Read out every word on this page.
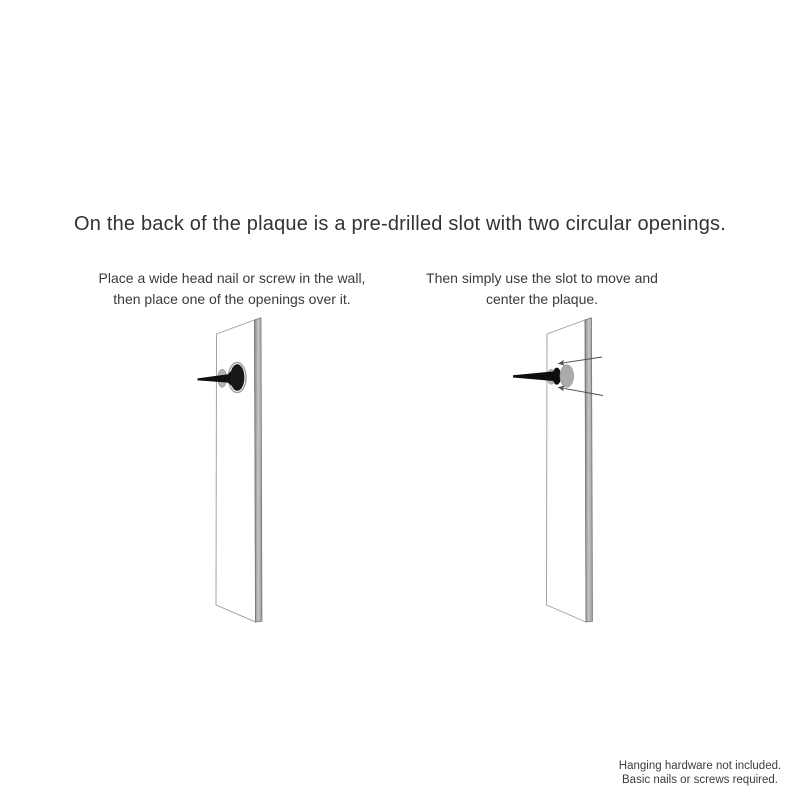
On the back of the plaque is a pre-drilled slot with two circular openings.
Place a wide head nail or screw in the wall,
then place one of the openings over it.
Then simply use the slot to move and
center the plaque.
Hanging hardware not included.
Basic nails or screws required.
